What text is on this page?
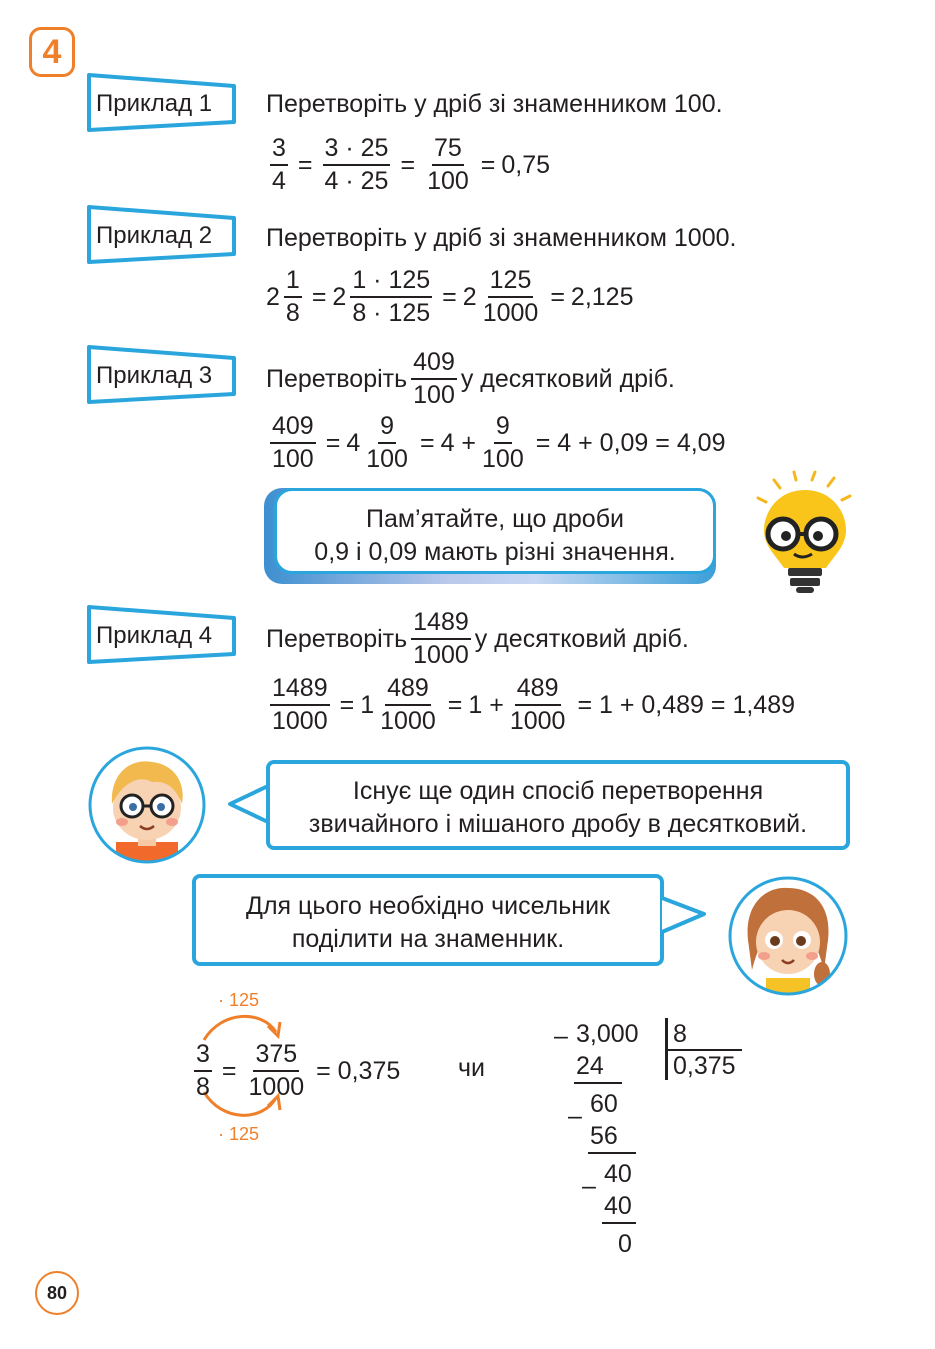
4
Приклад 1 Перетворіть у дріб зі знаменником 100.
$\frac{3}{4} = \frac{3 \cdot 25}{4 \cdot 25} = \frac{75}{100} = 0,75$
Приклад 2 Перетворіть у дріб зі знаменником 1000.
$2 \frac{1}{8} = 2 \frac{1 \cdot 125}{8 \cdot 125} = 2 \frac{125}{1000} = 2,125$
Приклад 3 Перетворіть $\frac{409}{100}$ у десятковий дріб.
$\frac{409}{100} = 4 \frac{9}{100} = 4 + \frac{9}{100} = 4 + 0,09 = 4,09$
Пам’ятайте, що дроби
0,9 і 0,09 мають різні значення.
Приклад 4 Перетворіть $\frac{1489}{1000}$ у десятковий дріб.
$\frac{1489}{1000} = 1 \frac{489}{1000} = 1 + \frac{489}{1000} = 1 + 0,489 = 1,489$
Існує ще один спосіб перетворення
звичайного і мішаного дробу в десятковий.
Для цього необхідно чисельник
поділити на знаменник.
· 125
· 125
$\frac{3}{8} = \frac{375}{1000} = 0,375$ чи
– 3,000 8
0,375
24
– 60
56
– 40
40
0
80
